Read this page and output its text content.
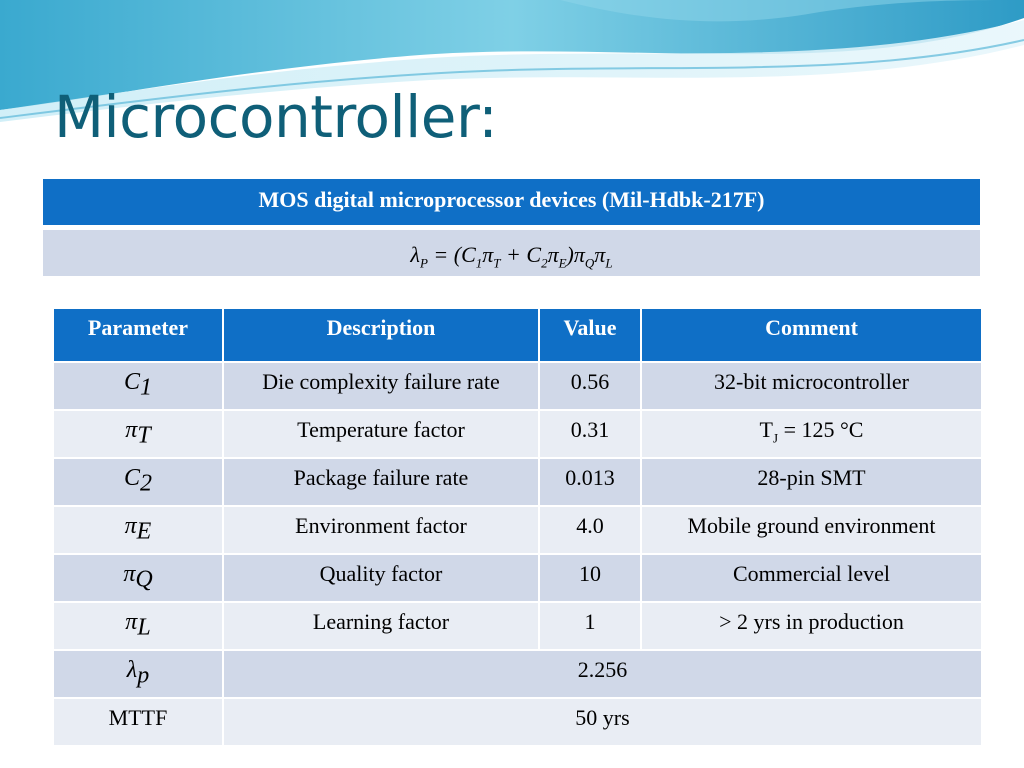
Microcontroller:
MOS digital microprocessor devices (Mil-Hdbk-217F)
$\lambda_P = (C_1\pi_T + C_2\pi_E)\pi_Q\pi_L$
Parameter	Description	Value	Comment
$C_1$	Die complexity failure rate	0.56	32-bit microcontroller
$\pi_T$	Temperature factor	0.31	$T_J = 125$ °C
$C_2$	Package failure rate	0.013	28-pin SMT
$\pi_E$	Environment factor	4.0	Mobile ground environment
$\pi_Q$	Quality factor	10	Commercial level
$\pi_L$	Learning factor	1	> 2 yrs in production
$\lambda_p$	2.256		
MTTF	50 yrs		
